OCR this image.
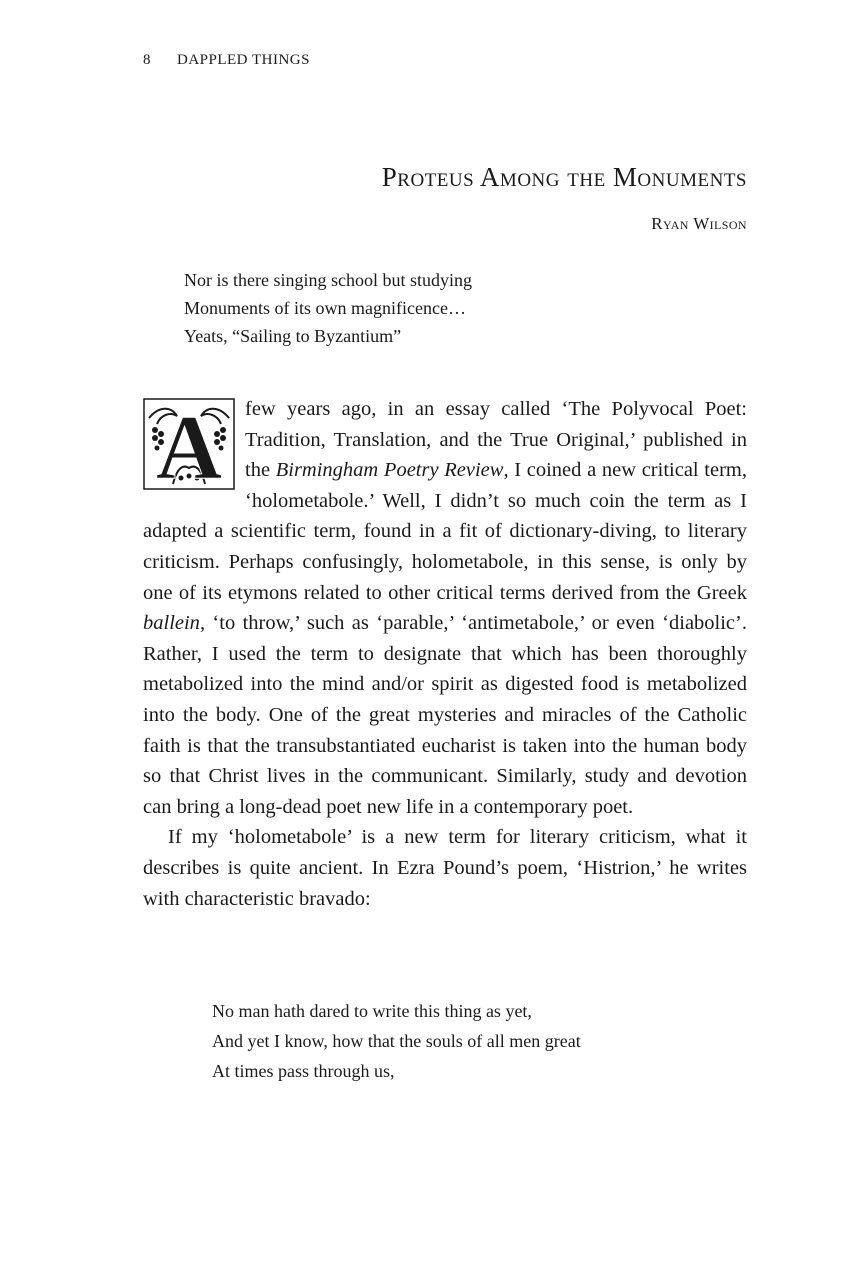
8 DAPPLED THINGS
Proteus Among the Monuments
Ryan Wilson
Nor is there singing school but studying
Monuments of its own magnificence…
Yeats, “Sailing to Byzantium”

A few years ago, in an essay called ‘The Polyvocal Poet: Tradition, Translation, and the True Original,’ published in the Birmingham Poetry Review, I coined a new critical term, ‘holometabole.’ Well, I didn’t so much coin the term as I adapted a scientific term, found in a fit of dictionary-diving, to literary criticism. Perhaps confusingly, holometabole, in this sense, is only by one of its etymons related to other critical terms derived from the Greek ballein, ‘to throw,’ such as ‘parable,’ ‘antimetabole,’ or even ‘diabolic’. Rather, I used the term to designate that which has been thoroughly metabolized into the mind and/or spirit as digested food is metabolized into the body. One of the great mysteries and miracles of the Catholic faith is that the transubstantiated eucharist is taken into the human body so that Christ lives in the communicant. Similarly, study and devotion can bring a long-dead poet new life in a contemporary poet.

If my ‘holometabole’ is a new term for literary criticism, what it describes is quite ancient. In Ezra Pound’s poem, ‘Histrion,’ he writes with characteristic bravado:

No man hath dared to write this thing as yet,
And yet I know, how that the souls of all men great
At times pass through us,
